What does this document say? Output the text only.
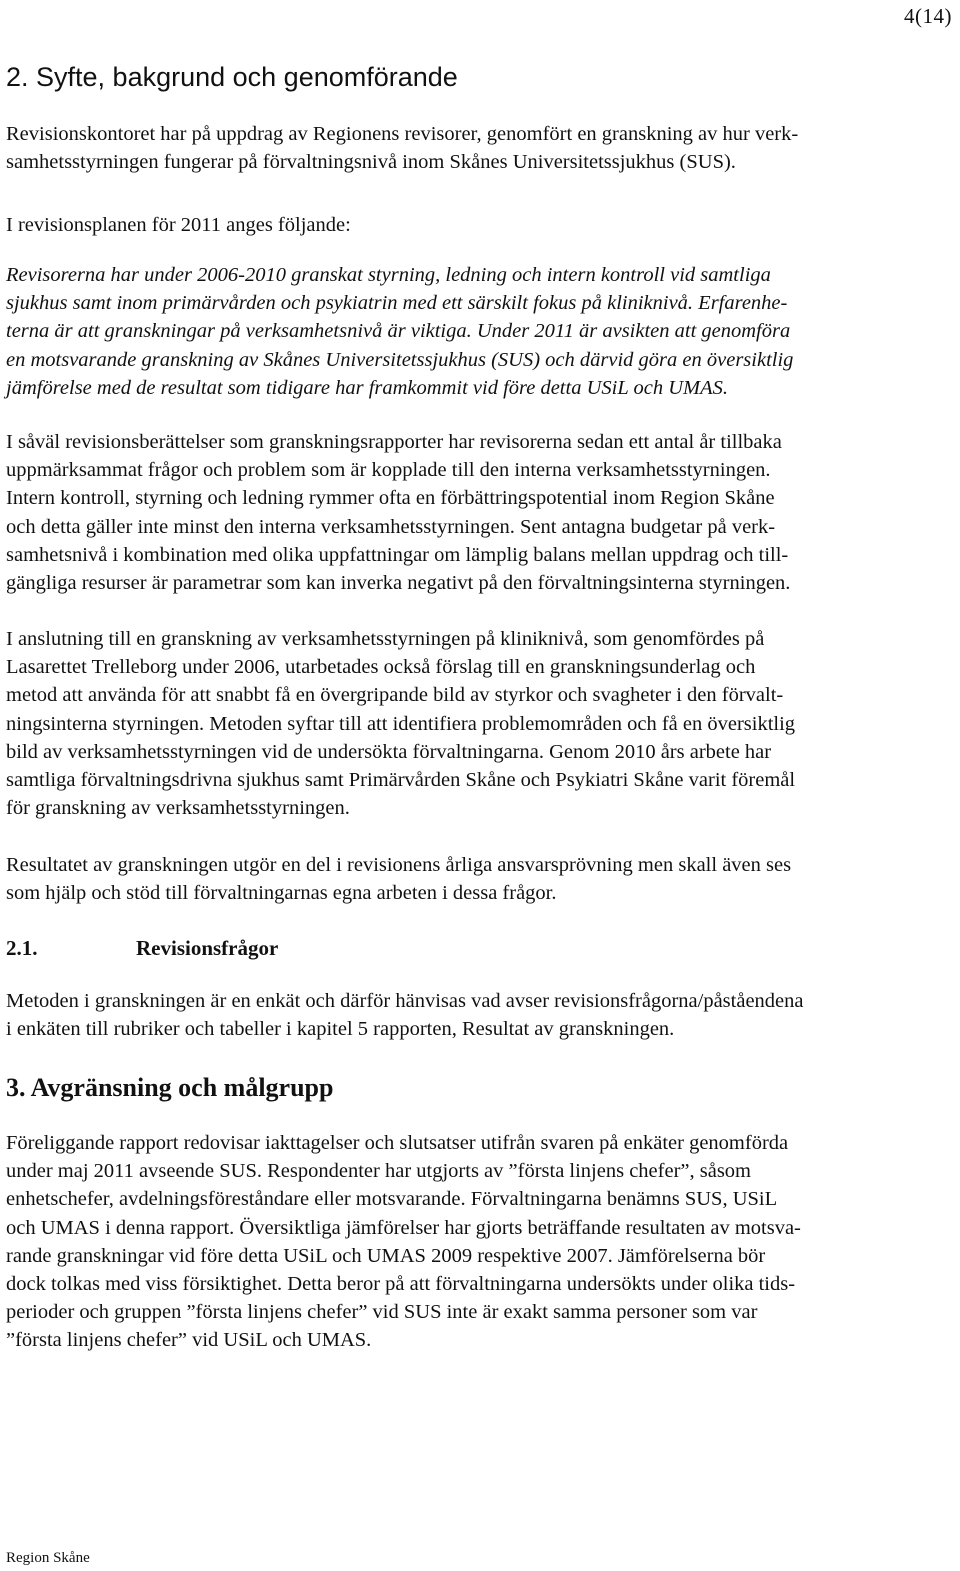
4(14)
2. Syfte, bakgrund och genomförande

Revisionskontoret har på uppdrag av Regionens revisorer, genomfört en granskning av hur verk-
samhetsstyrningen fungerar på förvaltningsnivå inom Skånes Universitetssjukhus (SUS).

I revisionsplanen för 2011 anges följande:

Revisorerna har under 2006-2010 granskat styrning, ledning och intern kontroll vid samtliga
sjukhus samt inom primärvården och psykiatrin med ett särskilt fokus på kliniknivå. Erfarenhe-
terna är att granskningar på verksamhetsnivå är viktiga. Under 2011 är avsikten att genomföra
en motsvarande granskning av Skånes Universitetssjukhus (SUS) och därvid göra en översiktlig
jämförelse med de resultat som tidigare har framkommit vid före detta USiL och UMAS.

I såväl revisionsberättelser som granskningsrapporter har revisorerna sedan ett antal år tillbaka
uppmärksammat frågor och problem som är kopplade till den interna verksamhetsstyrningen.
Intern kontroll, styrning och ledning rymmer ofta en förbättringspotential inom Region Skåne
och detta gäller inte minst den interna verksamhetsstyrningen. Sent antagna budgetar på verk-
samhetsnivå i kombination med olika uppfattningar om lämplig balans mellan uppdrag och till-
gängliga resurser är parametrar som kan inverka negativt på den förvaltningsinterna styrningen.

I anslutning till en granskning av verksamhetsstyrningen på kliniknivå, som genomfördes på
Lasarettet Trelleborg under 2006, utarbetades också förslag till en granskningsunderlag och
metod att använda för att snabbt få en övergripande bild av styrkor och svagheter i den förvalt-
ningsinterna styrningen. Metoden syftar till att identifiera problemområden och få en översiktlig
bild av verksamhetsstyrningen vid de undersökta förvaltningarna. Genom 2010 års arbete har
samtliga förvaltningsdrivna sjukhus samt Primärvården Skåne och Psykiatri Skåne varit föremål
för granskning av verksamhetsstyrningen.

Resultatet av granskningen utgör en del i revisionens årliga ansvarsprövning men skall även ses
som hjälp och stöd till förvaltningarnas egna arbeten i dessa frågor.

2.1.	Revisionsfrågor

Metoden i granskningen är en enkät och därför hänvisas vad avser revisionsfrågorna/påståendena
i enkäten till rubriker och tabeller i kapitel 5 rapporten, Resultat av granskningen.

3. Avgränsning och målgrupp

Föreliggande rapport redovisar iakttagelser och slutsatser utifrån svaren på enkäter genomförda
under maj 2011 avseende SUS. Respondenter har utgjorts av ”första linjens chefer”, såsom
enhetschefer, avdelningsföreståndare eller motsvarande. Förvaltningarna benämns SUS, USiL
och UMAS i denna rapport. Översiktliga jämförelser har gjorts beträffande resultaten av motsva-
rande granskningar vid före detta USiL och UMAS 2009 respektive 2007. Jämförelserna bör
dock tolkas med viss försiktighet. Detta beror på att förvaltningarna undersökts under olika tids-
perioder och gruppen ”första linjens chefer” vid SUS inte är exakt samma personer som var
”första linjens chefer” vid USiL och UMAS.

Region Skåne
